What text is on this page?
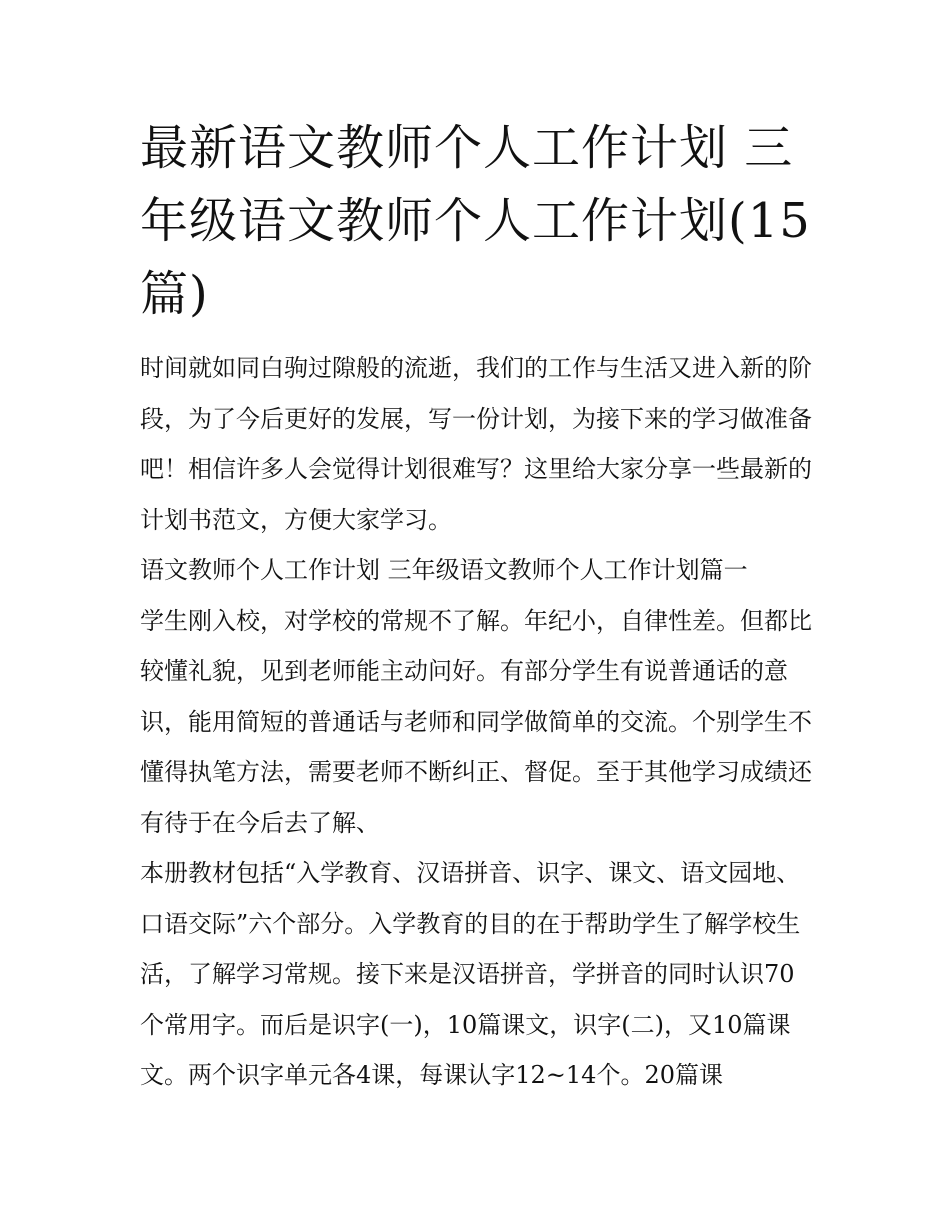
最新语文教师个人工作计划 三年级语文教师个人工作计划(15篇)

时间就如同白驹过隙般的流逝，我们的工作与生活又进入新的阶段，为了今后更好的发展，写一份计划，为接下来的学习做准备吧！相信许多人会觉得计划很难写？这里给大家分享一些最新的计划书范文，方便大家学习。

语文教师个人工作计划 三年级语文教师个人工作计划篇一

学生刚入校，对学校的常规不了解。年纪小，自律性差。但都比较懂礼貌，见到老师能主动问好。有部分学生有说普通话的意识，能用简短的普通话与老师和同学做简单的交流。个别学生不懂得执笔方法，需要老师不断纠正、督促。至于其他学习成绩还有待于在今后去了解、

本册教材包括“入学教育、汉语拼音、识字、课文、语文园地、口语交际”六个部分。入学教育的目的在于帮助学生了解学校生活，了解学习常规。接下来是汉语拼音，学拼音的同时认识70个常用字。而后是识字(一)，10篇课文，识字(二)，又10篇课文。两个识字单元各4课，每课认字12~14个。20篇课
